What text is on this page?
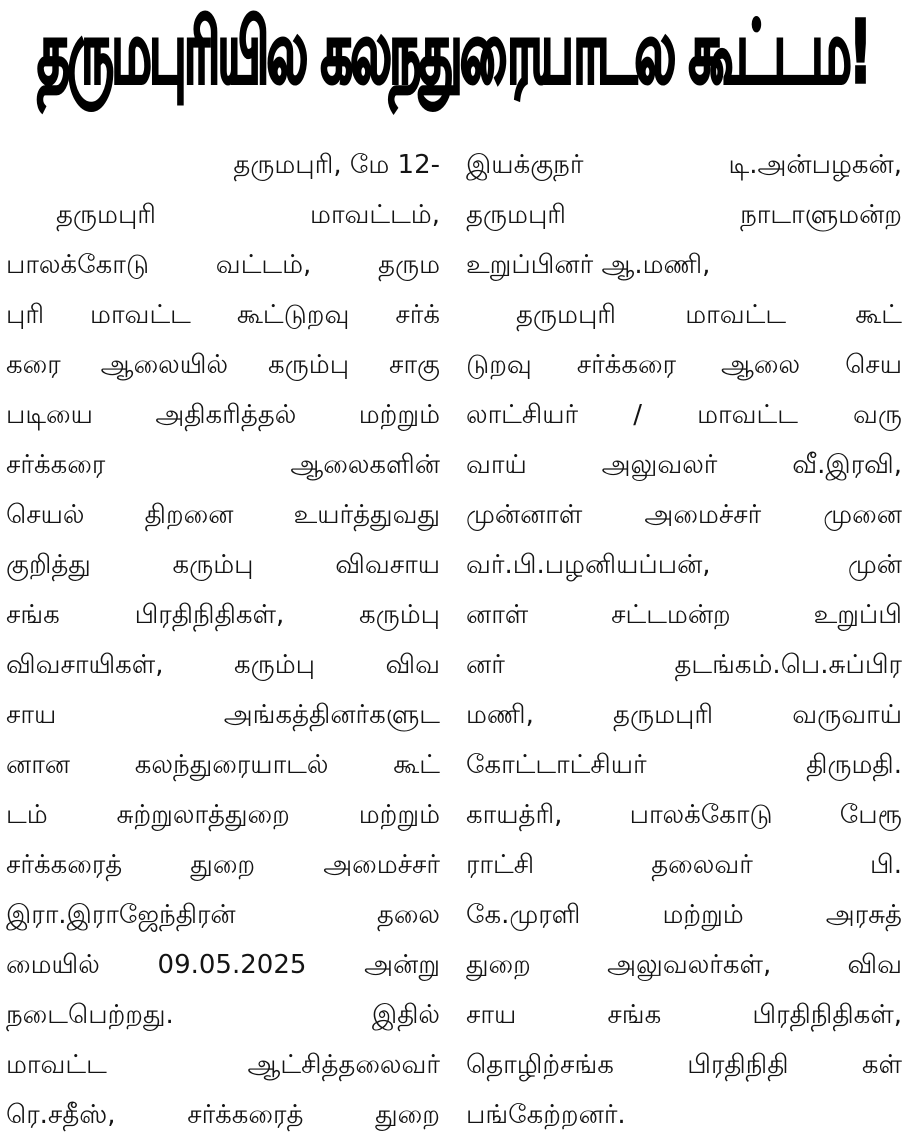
தருமபுரியில கலநதுரையாடல கூட்டம!
தருமபுரி, மே 12-
தருமபுரி மாவட்டம்,
பாலக்கோடு வட்டம், தரும
புரி மாவட்ட கூட்டுறவு சர்க்
கரை ஆலையில் கரும்பு சாகு
படியை அதிகரித்தல் மற்றும்
சர்க்கரை ஆலைகளின்
செயல் திறனை உயர்த்துவது
குறித்து கரும்பு விவசாய
சங்க பிரதிநிதிகள், கரும்பு
விவசாயிகள், கரும்பு விவ
சாய அங்கத்தினர்களுட
னான கலந்துரையாடல் கூட்
டம் சுற்றுலாத்துறை மற்றும்
சர்க்கரைத் துறை அமைச்சர்
இரா.இராஜேந்திரன் தலை
மையில் 09.05.2025 அன்று
நடைபெற்றது. இதில்
மாவட்ட ஆட்சித்தலைவர்
ரெ.சதீஸ், சர்க்கரைத் துறை
இயக்குநர் டி.அன்பழகன்,
தருமபுரி நாடாளுமன்ற
உறுப்பினர் ஆ.மணி,
தருமபுரி மாவட்ட கூட்
டுறவு சர்க்கரை ஆலை செய
லாட்சியர் / மாவட்ட வரு
வாய் அலுவலர் வீ.இரவி,
முன்னாள் அமைச்சர் முனை
வர்.பி.பழனியப்பன், முன்
னாள் சட்டமன்ற உறுப்பி
னர் தடங்கம்.பெ.சுப்பிர
மணி, தருமபுரி வருவாய்
கோட்டாட்சியர் திருமதி.
காயத்ரி, பாலக்கோடு பேரூ
ராட்சி தலைவர் பி.
கே.முரளி மற்றும் அரசுத்
துறை அலுவலர்கள், விவ
சாய சங்க பிரதிநிதிகள்,
தொழிற்சங்க பிரதிநிதி கள்
பங்கேற்றனர்.
